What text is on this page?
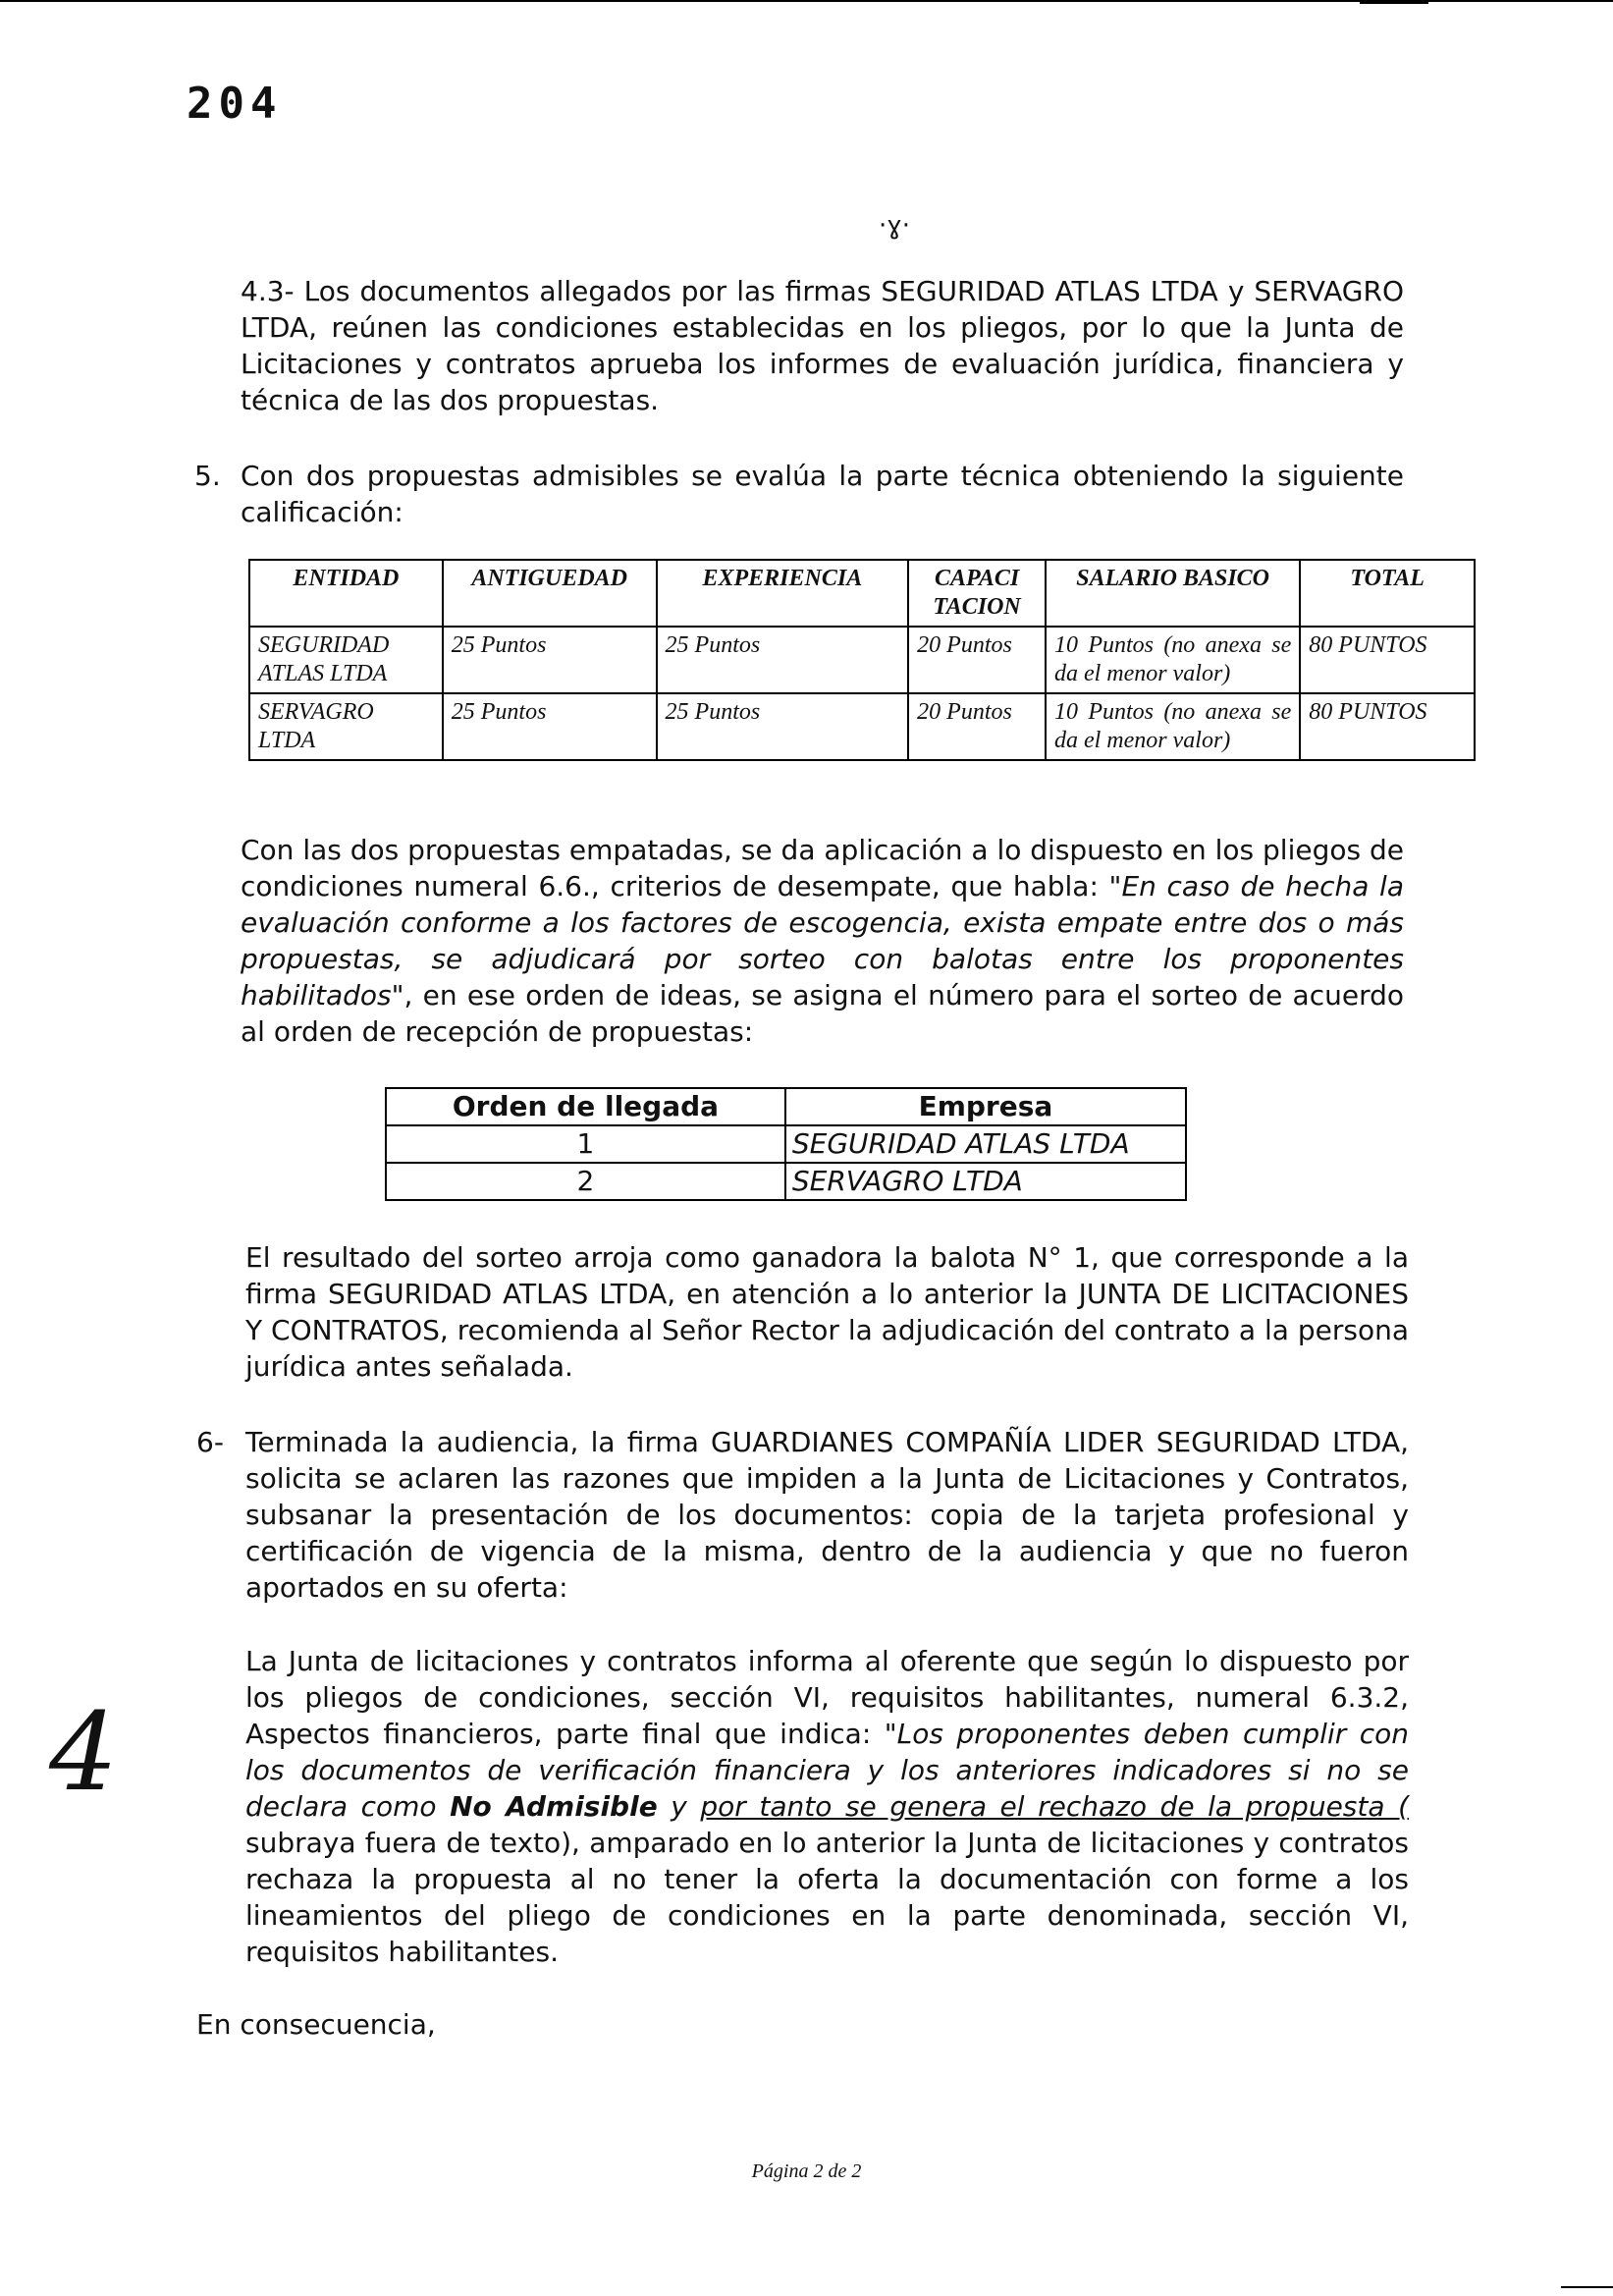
204
·ɣ·

4.3- Los documentos allegados por las firmas SEGURIDAD ATLAS LTDA y SERVAGRO LTDA, reúnen las condiciones establecidas en los pliegos, por lo que la Junta de Licitaciones y contratos aprueba los informes de evaluación jurídica, financiera y técnica de las dos propuestas.

5. Con dos propuestas admisibles se evalúa la parte técnica obteniendo la siguiente calificación:

ENTIDAD	ANTIGUEDAD	EXPERIENCIA	CAPACI TACION	SALARIO BASICO	TOTAL
SEGURIDAD ATLAS LTDA	25 Puntos	25 Puntos	20 Puntos	10 Puntos (no anexa se da el menor valor)	80 PUNTOS
SERVAGRO LTDA	25 Puntos	25 Puntos	20 Puntos	10 Puntos (no anexa se da el menor valor)	80 PUNTOS

Con las dos propuestas empatadas, se da aplicación a lo dispuesto en los pliegos de condiciones numeral 6.6., criterios de desempate, que habla: "En caso de hecha la evaluación conforme a los factores de escogencia, exista empate entre dos o más propuestas, se adjudicará por sorteo con balotas entre los proponentes habilitados", en ese orden de ideas, se asigna el número para el sorteo de acuerdo al orden de recepción de propuestas:

Orden de llegada	Empresa
1	SEGURIDAD ATLAS LTDA
2	SERVAGRO LTDA

El resultado del sorteo arroja como ganadora la balota N° 1, que corresponde a la firma SEGURIDAD ATLAS LTDA, en atención a lo anterior la JUNTA DE LICITACIONES Y CONTRATOS, recomienda al Señor Rector la adjudicación del contrato a la persona jurídica antes señalada.

6- Terminada la audiencia, la firma GUARDIANES COMPAÑÍA LIDER SEGURIDAD LTDA, solicita se aclaren las razones que impiden a la Junta de Licitaciones y Contratos, subsanar la presentación de los documentos: copia de la tarjeta profesional y certificación de vigencia de la misma, dentro de la audiencia y que no fueron aportados en su oferta:

La Junta de licitaciones y contratos informa al oferente que según lo dispuesto por los pliegos de condiciones, sección VI, requisitos habilitantes, numeral 6.3.2, Aspectos financieros, parte final que indica: "Los proponentes deben cumplir con los documentos de verificación financiera y los anteriores indicadores si no se declara como No Admisible y por tanto se genera el rechazo de la propuesta ( subraya fuera de texto), amparado en lo anterior la Junta de licitaciones y contratos rechaza la propuesta al no tener la oferta la documentación con forme a los lineamientos del pliego de condiciones en la parte denominada, sección VI, requisitos habilitantes.

4

En consecuencia,

Página 2 de 2
